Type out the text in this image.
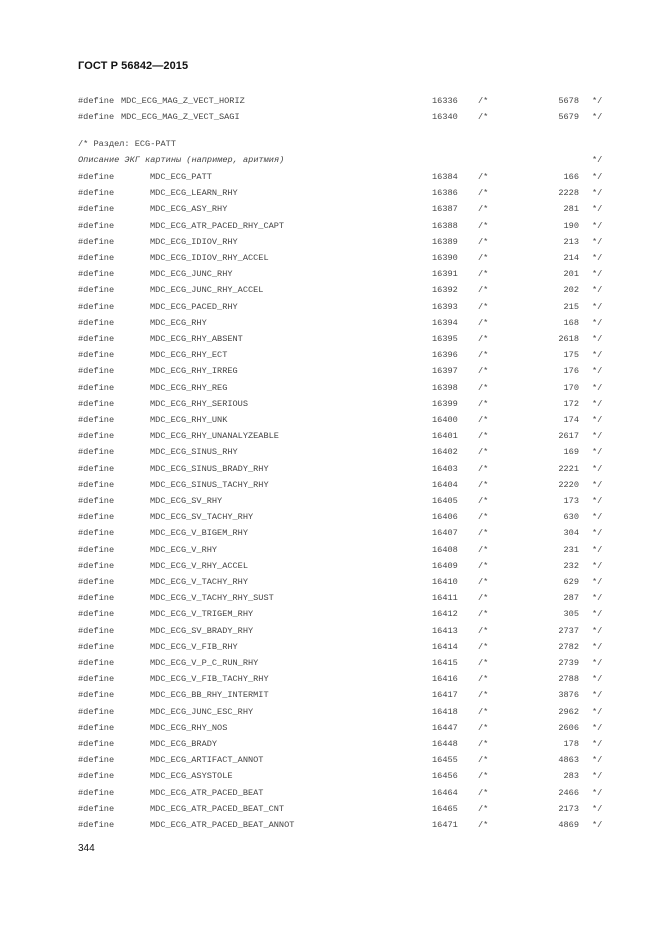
ГОСТ Р 56842—2015
#define MDC_ECG_MAG_Z_VECT_HORIZ	16336 /*	5678 */
#define MDC_ECG_MAG_Z_VECT_SAGI	16340 /*	5679 */
/* Раздел: ECG-PATT
Описание ЭКГ картины (например, аритмия)	*/
#define	MDC_ECG_PATT	16384 /*	166 */
#define	MDC_ECG_LEARN_RHY	16386 /*	2228 */
#define	MDC_ECG_ASY_RHY	16387 /*	281 */
#define	MDC_ECG_ATR_PACED_RHY_CAPT	16388 /*	190 */
#define	MDC_ECG_IDIOV_RHY	16389 /*	213 */
#define	MDC_ECG_IDIOV_RHY_ACCEL	16390 /*	214 */
#define	MDC_ECG_JUNC_RHY	16391 /*	201 */
#define	MDC_ECG_JUNC_RHY_ACCEL	16392 /*	202 */
#define	MDC_ECG_PACED_RHY	16393 /*	215 */
#define	MDC_ECG_RHY	16394 /*	168 */
#define	MDC_ECG_RHY_ABSENT	16395 /*	2618 */
#define	MDC_ECG_RHY_ECT	16396 /*	175 */
#define	MDC_ECG_RHY_IRREG	16397 /*	176 */
#define	MDC_ECG_RHY_REG	16398 /*	170 */
#define	MDC_ECG_RHY_SERIOUS	16399 /*	172 */
#define	MDC_ECG_RHY_UNK	16400 /*	174 */
#define	MDC_ECG_RHY_UNANALYZEABLE	16401 /*	2617 */
#define	MDC_ECG_SINUS_RHY	16402 /*	169 */
#define	MDC_ECG_SINUS_BRADY_RHY	16403 /*	2221 */
#define	MDC_ECG_SINUS_TACHY_RHY	16404 /*	2220 */
#define	MDC_ECG_SV_RHY	16405 /*	173 */
#define	MDC_ECG_SV_TACHY_RHY	16406 /*	630 */
#define	MDC_ECG_V_BIGEM_RHY	16407 /*	304 */
#define	MDC_ECG_V_RHY	16408 /*	231 */
#define	MDC_ECG_V_RHY_ACCEL	16409 /*	232 */
#define	MDC_ECG_V_TACHY_RHY	16410 /*	629 */
#define	MDC_ECG_V_TACHY_RHY_SUST	16411 /*	287 */
#define	MDC_ECG_V_TRIGEM_RHY	16412 /*	305 */
#define	MDC_ECG_SV_BRADY_RHY	16413 /*	2737 */
#define	MDC_ECG_V_FIB_RHY	16414 /*	2782 */
#define	MDC_ECG_V_P_C_RUN_RHY	16415 /*	2739 */
#define	MDC_ECG_V_FIB_TACHY_RHY	16416 /*	2788 */
#define	MDC_ECG_BB_RHY_INTERMIT	16417 /*	3876 */
#define	MDC_ECG_JUNC_ESC_RHY	16418 /*	2962 */
#define	MDC_ECG_RHY_NOS	16447 /*	2606 */
#define	MDC_ECG_BRADY	16448 /*	178 */
#define	MDC_ECG_ARTIFACT_ANNOT	16455 /*	4863 */
#define	MDC_ECG_ASYSTOLE	16456 /*	283 */
#define	MDC_ECG_ATR_PACED_BEAT	16464 /*	2466 */
#define	MDC_ECG_ATR_PACED_BEAT_CNT	16465 /*	2173 */
#define	MDC_ECG_ATR_PACED_BEAT_ANNOT	16471 /*	4869 */
344
